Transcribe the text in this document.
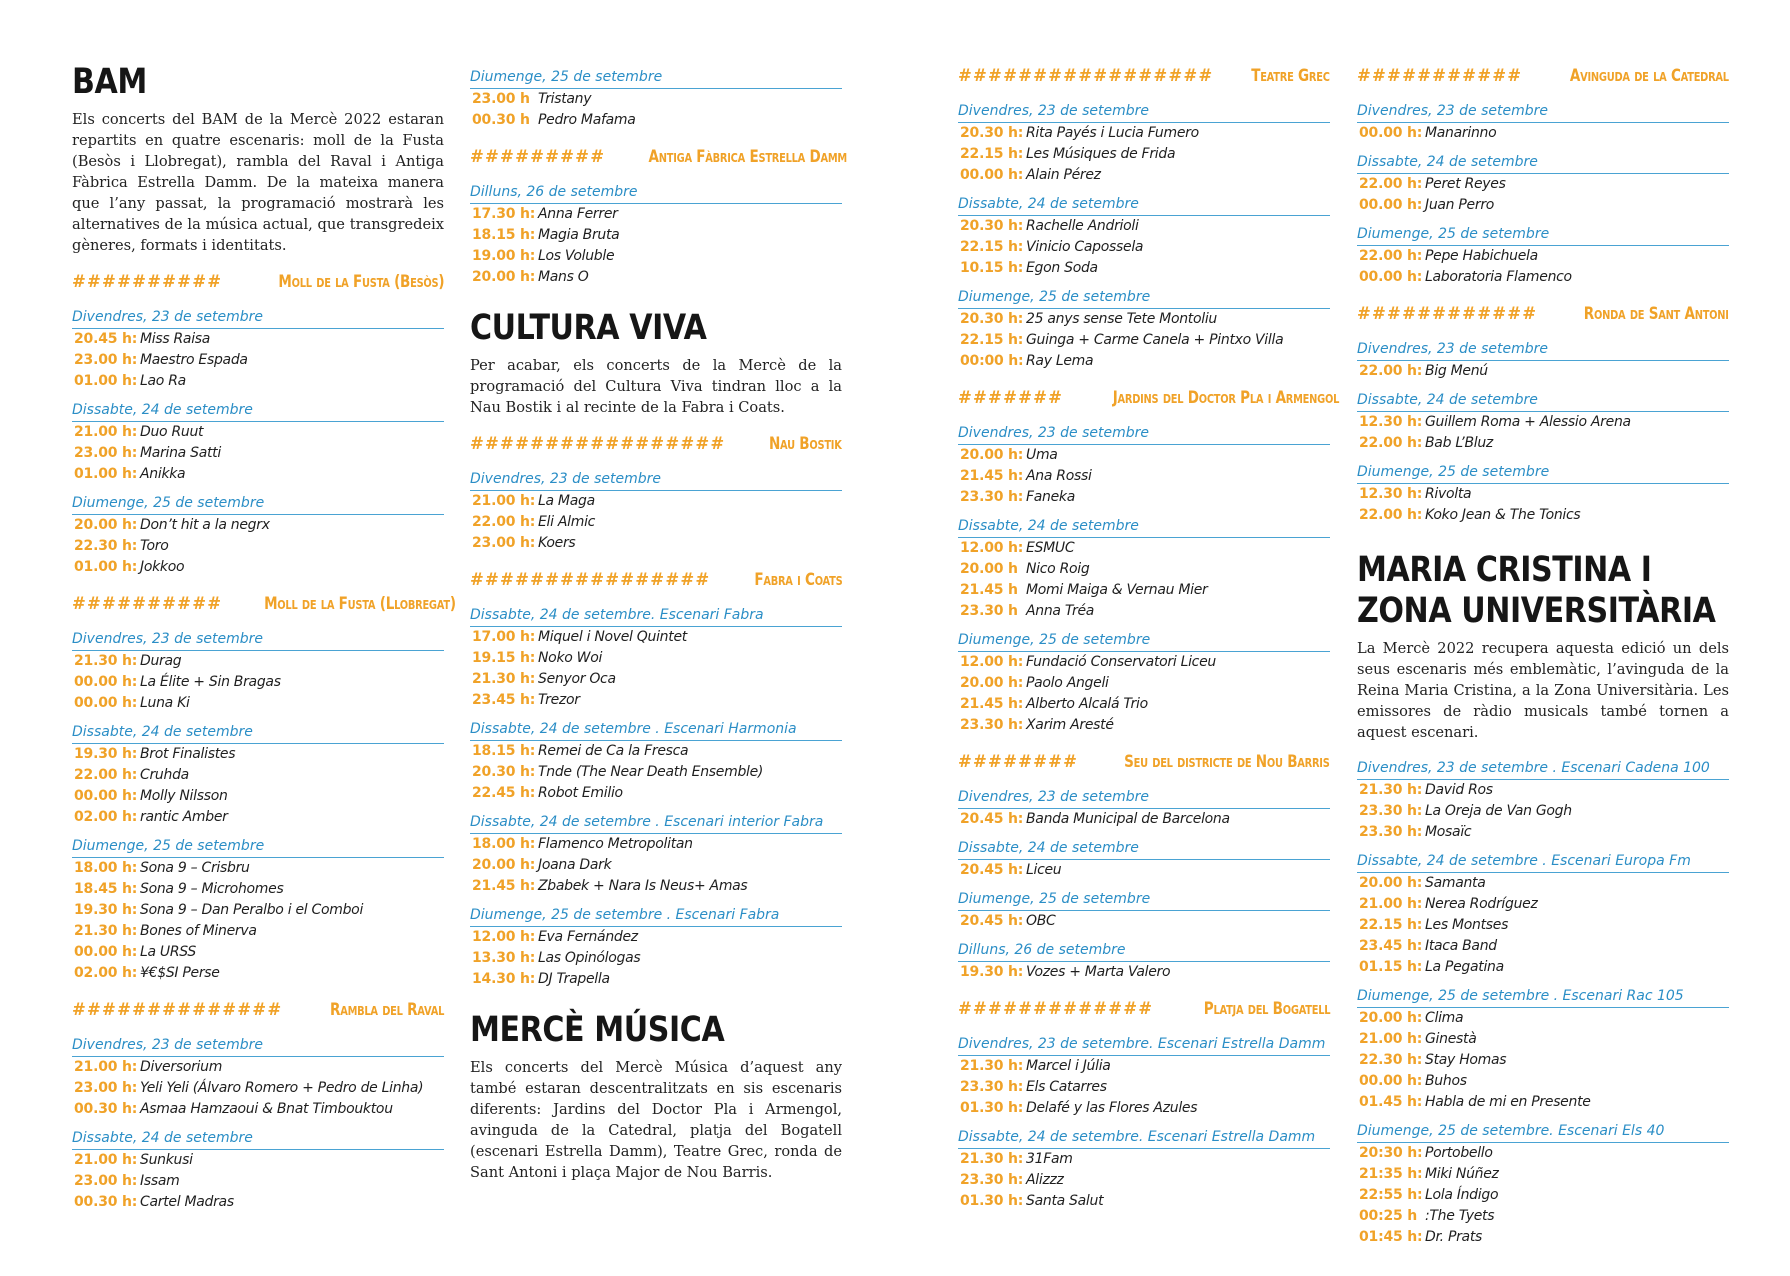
BAM
Els concerts del BAM de la Mercè 2022 estaran repartits en quatre escenaris: moll de la Fusta (Besòs i Llobregat), rambla del Raval i Antiga Fàbrica Estrella Damm. De la mateixa manera que l’any passat, la programació mostrarà les alternatives de la música actual, que transgredeix gèneres, formats i identitats.
##########	Moll de la Fusta (Besòs)
Divendres, 23 de setembre
20.45 h: Miss Raisa
23.00 h: Maestro Espada
01.00 h: Lao Ra
Dissabte, 24 de setembre
21.00 h: Duo Ruut
23.00 h: Marina Satti
01.00 h: Anikka
Diumenge, 25 de setembre
20.00 h: Don’t hit a la negrx
22.30 h: Toro
01.00 h: Jokkoo
##########	Moll de la Fusta (Llobregat)
Divendres, 23 de setembre
21.30 h: Durag
00.00 h: La Élite + Sin Bragas
00.00 h: Luna Ki
Dissabte, 24 de setembre
19.30 h: Brot Finalistes
22.00 h: Cruhda
00.00 h: Molly Nilsson
02.00 h: rantic Amber
Diumenge, 25 de setembre
18.00 h: Sona 9 – Crisbru
18.45 h: Sona 9 – Microhomes
19.30 h: Sona 9 – Dan Peralbo i el Comboi
21.30 h: Bones of Minerva
00.00 h: La URSS
02.00 h: ¥€$SI Perse
##############	Rambla del Raval
Divendres, 23 de setembre
21.00 h: Diversorium
23.00 h: Yeli Yeli (Álvaro Romero + Pedro de Linha)
00.30 h: Asmaa Hamzaoui & Bnat Timbouktou
Dissabte, 24 de setembre
21.00 h: Sunkusi
23.00 h: Issam
00.30 h: Cartel Madras
Diumenge, 25 de setembre
23.00 h Tristany
00.30 h Pedro Mafama
#########	Antiga Fàbrica Estrella Damm
Dilluns, 26 de setembre
17.30 h: Anna Ferrer
18.15 h: Magia Bruta
19.00 h: Los Voluble
20.00 h: Mans O
CULTURA VIVA
Per acabar, els concerts de la Mercè de la programació del Cultura Viva tindran lloc a la Nau Bostik i al recinte de la Fabra i Coats.
#################	Nau Bostik
Divendres, 23 de setembre
21.00 h: La Maga
22.00 h: Eli Almic
23.00 h: Koers
################	Fabra i Coats
Dissabte, 24 de setembre. Escenari Fabra
17.00 h: Miquel i Novel Quintet
19.15 h: Noko Woi
21.30 h: Senyor Oca
23.45 h: Trezor
Dissabte, 24 de setembre . Escenari Harmonia
18.15 h: Remei de Ca la Fresca
20.30 h: Tnde (The Near Death Ensemble)
22.45 h: Robot Emilio
Dissabte, 24 de setembre . Escenari interior Fabra
18.00 h: Flamenco Metropolitan
20.00 h: Joana Dark
21.45 h: Zbabek + Nara Is Neus+ Amas
Diumenge, 25 de setembre . Escenari Fabra
12.00 h: Eva Fernández
13.30 h: Las Opinólogas
14.30 h: DJ Trapella
MERCÈ MÚSICA
Els concerts del Mercè Música d’aquest any també estaran descentralitzats en sis escenaris diferents: Jardins del Doctor Pla i Armengol, avinguda de la Catedral, platja del Bogatell (escenari Estrella Damm), Teatre Grec, ronda de Sant Antoni i plaça Major de Nou Barris.
################# Teatre Grec
Divendres, 23 de setembre
20.30 h: Rita Payés i Lucia Fumero
22.15 h: Les Músiques de Frida
00.00 h: Alain Pérez
Dissabte, 24 de setembre
20.30 h: Rachelle Andrioli
22.15 h: Vinicio Capossela
10.15 h: Egon Soda
Diumenge, 25 de setembre
20.30 h: 25 anys sense Tete Montoliu
22.15 h: Guinga + Carme Canela + Pintxo Villa
00:00 h: Ray Lema
#######	Jardins del Doctor Pla i Armengol
Divendres, 23 de setembre
20.00 h: Uma
21.45 h: Ana Rossi
23.30 h: Faneka
Dissabte, 24 de setembre
12.00 h: ESMUC
20.00 h Nico Roig
21.45 h Momi Maiga & Vernau Mier
23.30 h Anna Tréa
Diumenge, 25 de setembre
12.00 h: Fundació Conservatori Liceu
20.00 h: Paolo Angeli
21.45 h: Alberto Alcalá Trio
23.30 h: Xarim Aresté
########	Seu del districte de Nou Barris
Divendres, 23 de setembre
20.45 h: Banda Municipal de Barcelona
Dissabte, 24 de setembre
20.45 h: Liceu
Diumenge, 25 de setembre
20.45 h: OBC
Dilluns, 26 de setembre
19.30 h: Vozes + Marta Valero
#############	Platja del Bogatell
Divendres, 23 de setembre. Escenari Estrella Damm
21.30 h: Marcel i Júlia
23.30 h: Els Catarres
01.30 h: Delafé y las Flores Azules
Dissabte, 24 de setembre. Escenari Estrella Damm
21.30 h: 31Fam
23.30 h: Alizzz
01.30 h: Santa Salut
###########	Avinguda de la Catedral
Divendres, 23 de setembre
00.00 h: Manarinno
Dissabte, 24 de setembre
22.00 h: Peret Reyes
00.00 h: Juan Perro
Diumenge, 25 de setembre
22.00 h: Pepe Habichuela
00.00 h: Laboratoria Flamenco
############	Ronda de Sant Antoni
Divendres, 23 de setembre
22.00 h: Big Menú
Dissabte, 24 de setembre
12.30 h: Guillem Roma + Alessio Arena
22.00 h: Bab L’Bluz
Diumenge, 25 de setembre
12.30 h: Rivolta
22.00 h: Koko Jean & The Tonics
MARIA CRISTINA I
ZONA UNIVERSITÀRIA
La Mercè 2022 recupera aquesta edició un dels seus escenaris més emblemàtic, l’avinguda de la Reina Maria Cristina, a la Zona Universitària. Les emissores de ràdio musicals també tornen a aquest escenari.
Divendres, 23 de setembre . Escenari Cadena 100
21.30 h: David Ros
23.30 h: La Oreja de Van Gogh
23.30 h: Mosaïc
Dissabte, 24 de setembre . Escenari Europa Fm
20.00 h: Samanta
21.00 h: Nerea Rodríguez
22.15 h: Les Montses
23.45 h: Itaca Band
01.15 h: La Pegatina
Diumenge, 25 de setembre . Escenari Rac 105
20.00 h: Clima
21.00 h: Ginestà
22.30 h: Stay Homas
00.00 h: Buhos
01.45 h: Habla de mi en Presente
Diumenge, 25 de setembre. Escenari Els 40
20:30 h: Portobello
21:35 h: Miki Núñez
22:55 h: Lola Índigo
00:25 h :The Tyets
01:45 h: Dr. Prats
